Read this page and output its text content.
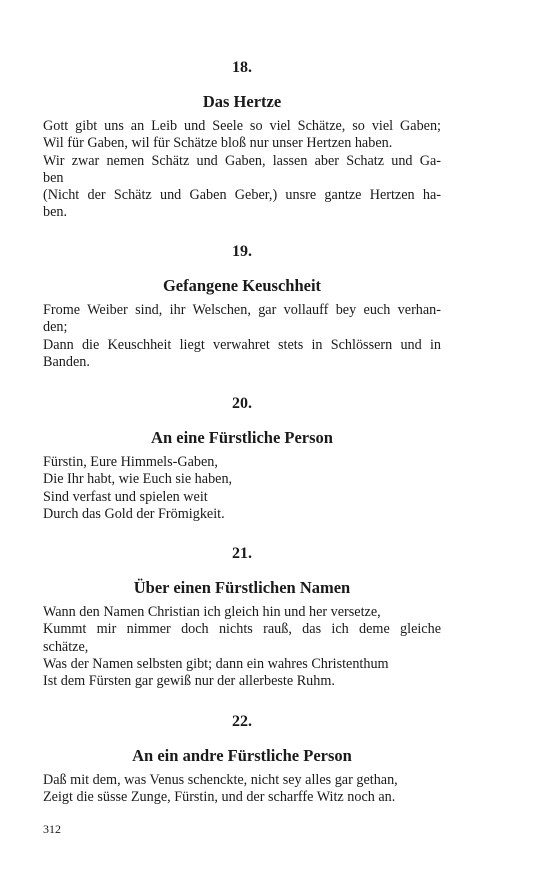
18.
Das Hertze
Gott gibt uns an Leib und Seele so viel Schätze, so viel Gaben;
Wil für Gaben, wil für Schätze bloß nur unser Hertzen haben.
Wir zwar nemen Schätz und Gaben, lassen aber Schatz und Ga-
ben
(Nicht der Schätz und Gaben Geber,) unsre gantze Hertzen ha-
ben.
19.
Gefangene Keuschheit
Frome Weiber sind, ihr Welschen, gar vollauff bey euch verhan-
den;
Dann die Keuschheit liegt verwahret stets in Schlössern und in
Banden.
20.
An eine Fürstliche Person
Fürstin, Eure Himmels-Gaben,
Die Ihr habt, wie Euch sie haben,
Sind verfast und spielen weit
Durch das Gold der Frömigkeit.
21.
Über einen Fürstlichen Namen
Wann den Namen Christian ich gleich hin und her versetze,
Kummt mir nimmer doch nichts rauß, das ich deme gleiche
schätze,
Was der Namen selbsten gibt; dann ein wahres Christenthum
Ist dem Fürsten gar gewiß nur der allerbeste Ruhm.
22.
An ein andre Fürstliche Person
Daß mit dem, was Venus schenckte, nicht sey alles gar gethan,
Zeigt die süsse Zunge, Fürstin, und der scharffe Witz noch an.
312
